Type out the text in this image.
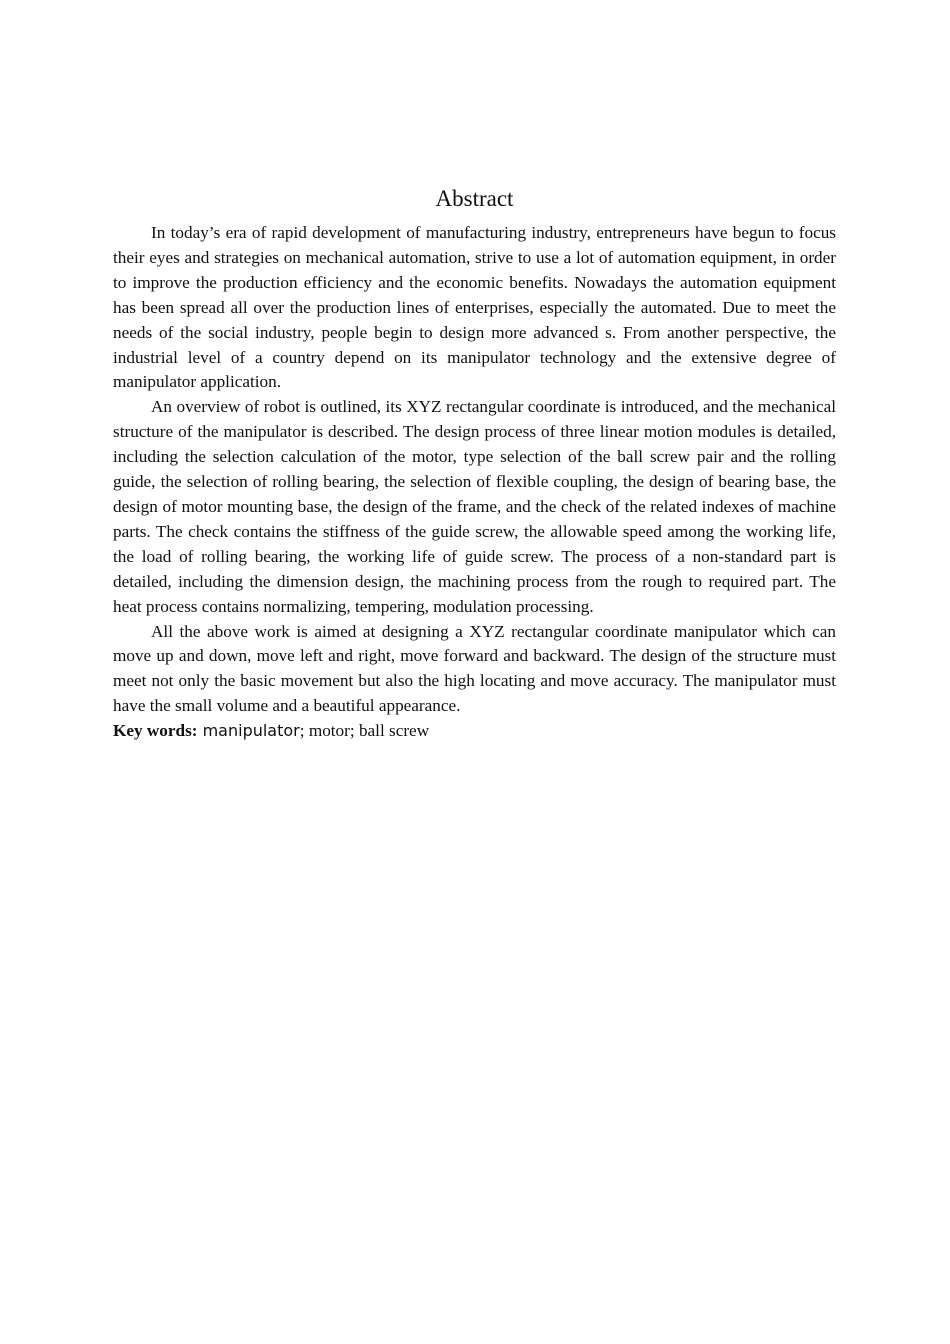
Abstract

In today’s era of rapid development of manufacturing industry, entrepreneurs have begun to focus their eyes and strategies on mechanical automation, strive to use a lot of automation equipment, in order to improve the production efficiency and the economic benefits. Nowadays the automation equipment has been spread all over the production lines of enterprises, especially the automated. Due to meet the needs of the social industry, people begin to design more advanced s. From another perspective, the industrial level of a country depend on its manipulator technology and the extensive degree of manipulator application.

An overview of robot is outlined, its XYZ rectangular coordinate is introduced, and the mechanical structure of the manipulator is described. The design process of three linear motion modules is detailed, including the selection calculation of the motor, type selection of the ball screw pair and the rolling guide, the selection of rolling bearing, the selection of flexible coupling, the design of bearing base, the design of motor mounting base, the design of the frame, and the check of the related indexes of machine parts. The check contains the stiffness of the guide screw, the allowable speed among the working life, the load of rolling bearing, the working life of guide screw. The process of a non-standard part is detailed, including the dimension design, the machining process from the rough to required part. The heat process contains normalizing, tempering, modulation processing.

All the above work is aimed at designing a XYZ rectangular coordinate manipulator which can move up and down, move left and right, move forward and backward. The design of the structure must meet not only the basic movement but also the high locating and move accuracy. The manipulator must have the small volume and a beautiful appearance.

Key words: manipulator; motor; ball screw
